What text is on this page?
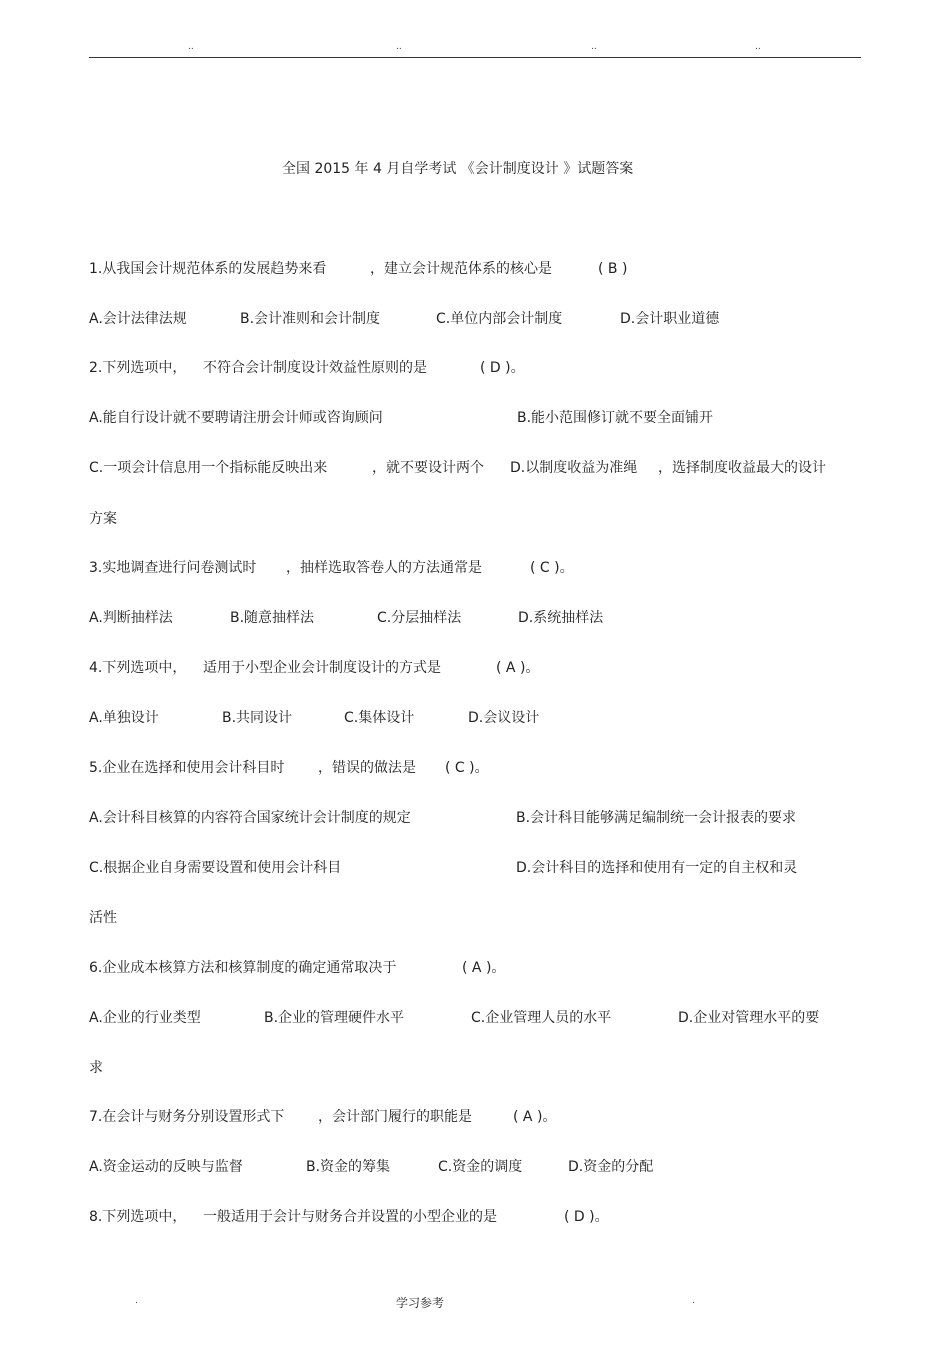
..	..	..	..
全国 2015 年 4 月自学考试 《会计制度设计 》试题答案
1.从我国会计规范体系的发展趋势来看	，建立会计规范体系的核心是	( B )
A.会计法律法规	B.会计准则和会计制度	C.单位内部会计制度	D.会计职业道德
2.下列选项中， 不符合会计制度设计效益性原则的是	( D )。
A.能自行设计就不要聘请注册会计师或咨询顾问	B.能小范围修订就不要全面铺开
C.一项会计信息用一个指标能反映出来	，就不要设计两个 D.以制度收益为准绳 ，选择制度收益最大的设计
方案
3.实地调查进行问卷测试时 ，抽样选取答卷人的方法通常是	( C )。
A.判断抽样法	B.随意抽样法	C.分层抽样法	D.系统抽样法
4.下列选项中， 适用于小型企业会计制度设计的方式是	( A )。
A.单独设计	B.共同设计	C.集体设计	D.会议设计
5.企业在选择和使用会计科目时 ，错误的做法是 ( C )。
A.会计科目核算的内容符合国家统计会计制度的规定	B.会计科目能够满足编制统一会计报表的要求
C.根据企业自身需要设置和使用会计科目	D.会计科目的选择和使用有一定的自主权和灵
活性
6.企业成本核算方法和核算制度的确定通常取决于	( A )。
A.企业的行业类型	B.企业的管理硬件水平	C.企业管理人员的水平	D.企业对管理水平的要
求
7.在会计与财务分别设置形式下 ，会计部门履行的职能是	( A )。
A.资金运动的反映与监督	B.资金的筹集	C.资金的调度	D.资金的分配
8.下列选项中， 一般适用于会计与财务合并设置的小型企业的是	( D )。
.	学习参考	.
